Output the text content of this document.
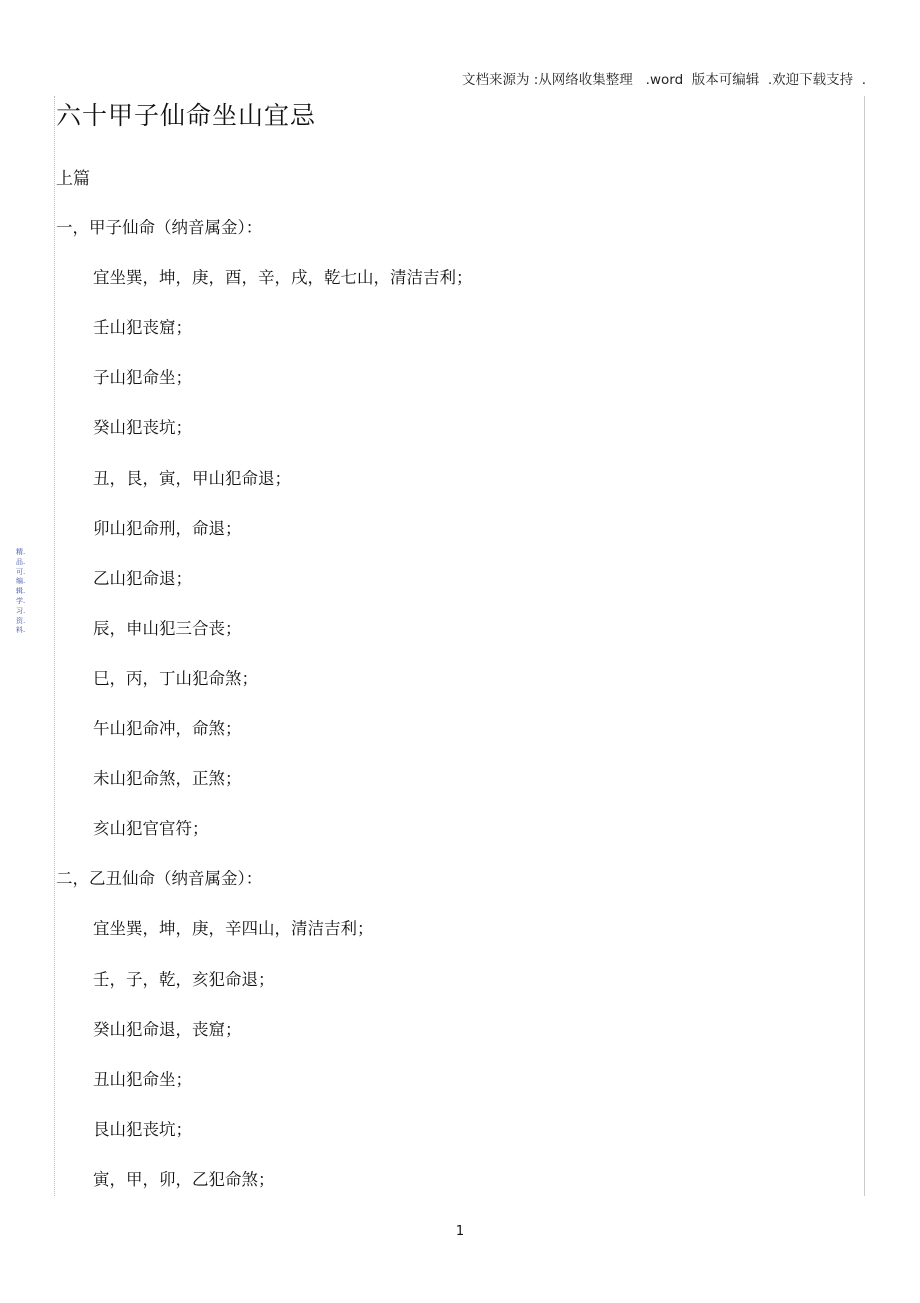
文档来源为 :从网络收集整理   .word  版本可编辑  .欢迎下载支持  .
精.品.可.编.辑.学.习.资.料.
六十甲子仙命坐山宜忌
上篇
一，甲子仙命（纳音属金）：
宜坐巽，坤，庚，酉，辛，戌，乾七山，清洁吉利；
壬山犯丧窟；
子山犯命坐；
癸山犯丧坑；
丑，艮，寅，甲山犯命退；
卯山犯命刑，命退；
乙山犯命退；
辰，申山犯三合丧；
巳，丙，丁山犯命煞；
午山犯命冲，命煞；
未山犯命煞，正煞；
亥山犯官官符；
二，乙丑仙命（纳音属金）：
宜坐巽，坤，庚，辛四山，清洁吉利；
壬，子，乾，亥犯命退；
癸山犯命退，丧窟；
丑山犯命坐；
艮山犯丧坑；
寅，甲，卯，乙犯命煞；
1
